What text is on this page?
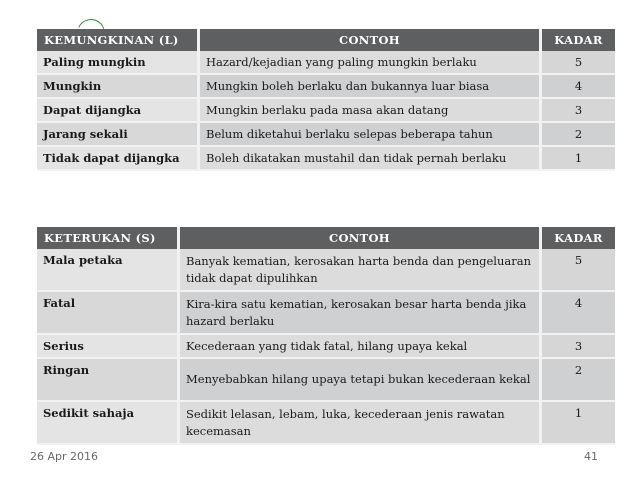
KEMUNGKINAN (L)	CONTOH	KADAR
Paling mungkin	Hazard/kejadian yang paling mungkin berlaku	5
Mungkin	Mungkin boleh berlaku dan bukannya luar biasa	4
Dapat dijangka	Mungkin berlaku pada masa akan datang	3
Jarang sekali	Belum diketahui berlaku selepas beberapa tahun	2
Tidak dapat dijangka	Boleh dikatakan mustahil dan tidak pernah berlaku	1
KETERUKAN (S)	CONTOH	KADAR
Mala petaka	Banyak kematian, kerosakan harta benda dan pengeluaran tidak dapat dipulihkan	5
Fatal	Kira-kira satu kematian, kerosakan besar harta benda jika hazard berlaku	4
Serius	Kecederaan yang tidak fatal, hilang upaya kekal	3
Ringan	Menyebabkan hilang upaya tetapi bukan kecederaan kekal	2
Sedikit sahaja	Sedikit lelasan, lebam, luka, kecederaan jenis rawatan kecemasan	1
26 Apr 2016	41
